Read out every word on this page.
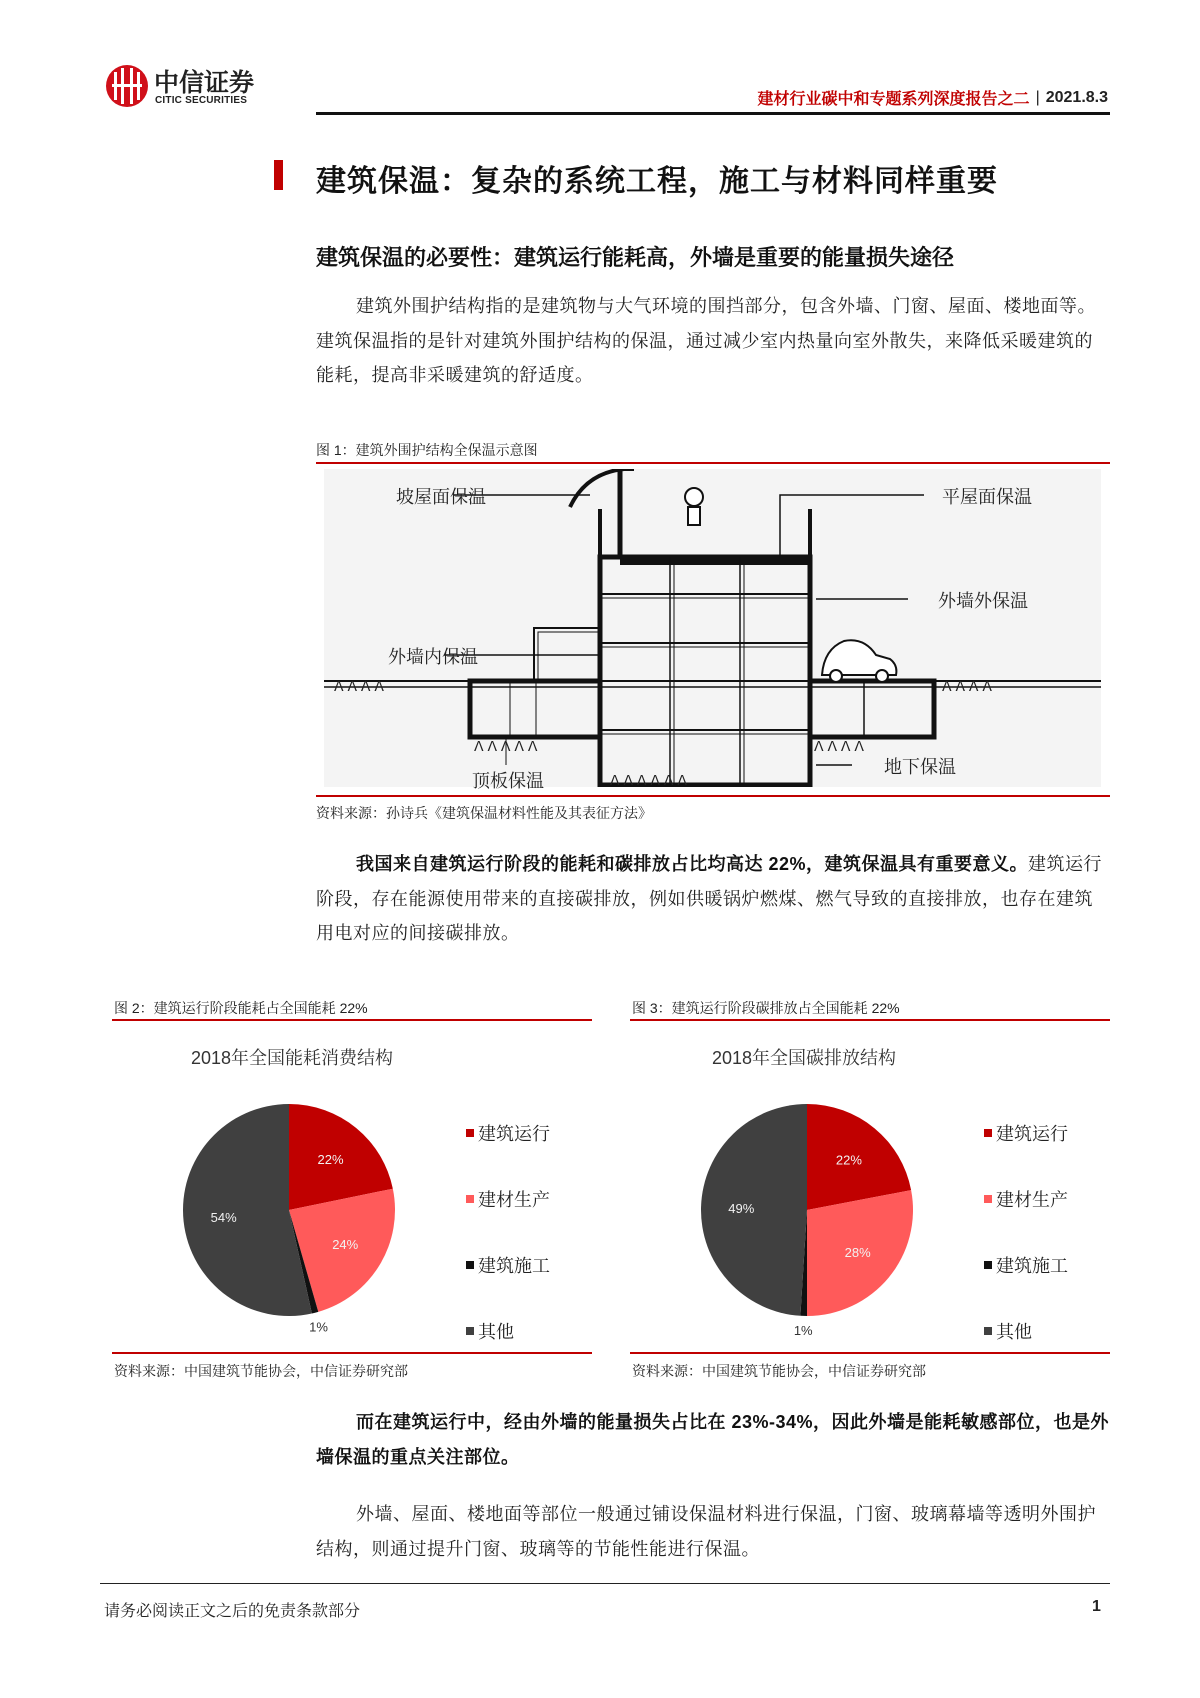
中信证券
CITIC SECURITIES	建材行业碳中和专题系列深度报告之二 | 2021.8.3
建筑保温：复杂的系统工程，施工与材料同样重要
建筑保温的必要性：建筑运行能耗高，外墙是重要的能量损失途径
建筑外围护结构指的是建筑物与大气环境的围挡部分，包含外墙、门窗、屋面、楼地面等。建筑保温指的是针对建筑外围护结构的保温，通过减少室内热量向室外散失，来降低采暖建筑的能耗，提高非采暖建筑的舒适度。
图 1：建筑外围护结构全保温示意图
ᐱ ᐱ ᐱ ᐱ	ᐱ ᐱ ᐱ ᐱ
ᐱ ᐱ ᐱ ᐱ ᐱ	ᐱ ᐱ ᐱ ᐱ
ᐱ ᐱ ᐱ ᐱ ᐱ ᐱ
坡屋面保温	平屋面保温
外墙外保温
外墙内保温
地下保温
顶板保温
资料来源：孙诗兵《建筑保温材料性能及其表征方法》
我国来自建筑运行阶段的能耗和碳排放占比均高达 22%，建筑保温具有重要意义。建筑运行阶段，存在能源使用带来的直接碳排放，例如供暖锅炉燃煤、燃气导致的直接排放，也存在建筑用电对应的间接碳排放。
图 2：建筑运行阶段能耗占全国能耗 22%
2018年全国能耗消费结构
22%
24%
1%
54%
建筑运行
建材生产
建筑施工
其他
资料来源：中国建筑节能协会，中信证券研究部
图 3：建筑运行阶段碳排放占全国能耗 22%
2018年全国碳排放结构
22%
28%
1%
49%
建筑运行
建材生产
建筑施工
其他
资料来源：中国建筑节能协会，中信证券研究部
而在建筑运行中，经由外墙的能量损失占比在 23%-34%，因此外墙是能耗敏感部位，也是外墙保温的重点关注部位。
外墙、屋面、楼地面等部位一般通过铺设保温材料进行保温，门窗、玻璃幕墙等透明外围护结构，则通过提升门窗、玻璃等的节能性能进行保温。
请务必阅读正文之后的免责条款部分	1
